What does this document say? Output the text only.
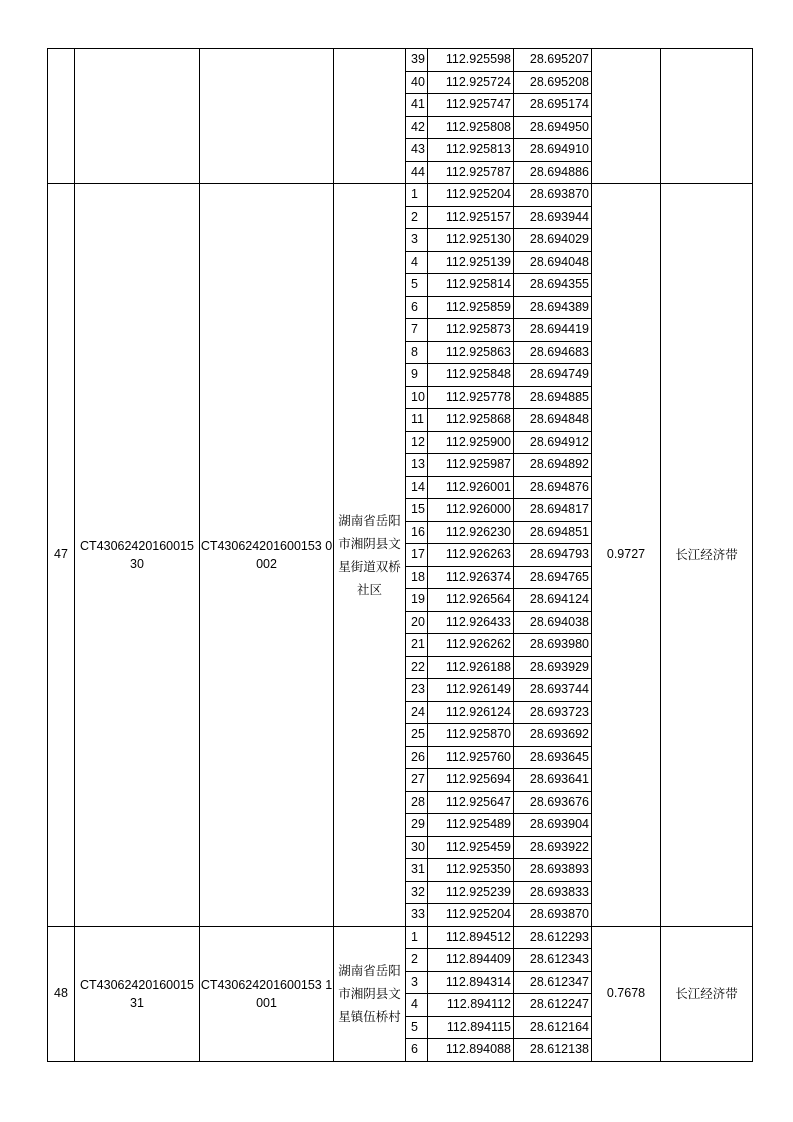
				39	112.925598	28.695207		
				40	112.925724	28.695208		
				41	112.925747	28.695174		
				42	112.925808	28.694950		
				43	112.925813	28.694910		
				44	112.925787	28.694886		
47	CT43062420160015 30	CT430624201600153 0002	湖南省岳阳市湘阴县文星街道双桥社区	1	112.925204	28.693870	0.9727	长江经济带
				2	112.925157	28.693944		
				3	112.925130	28.694029		
				4	112.925139	28.694048		
				5	112.925814	28.694355		
				6	112.925859	28.694389		
				7	112.925873	28.694419		
				8	112.925863	28.694683		
				9	112.925848	28.694749		
				10	112.925778	28.694885		
				11	112.925868	28.694848		
				12	112.925900	28.694912		
				13	112.925987	28.694892		
				14	112.926001	28.694876		
				15	112.926000	28.694817		
				16	112.926230	28.694851		
				17	112.926263	28.694793		
				18	112.926374	28.694765		
				19	112.926564	28.694124		
				20	112.926433	28.694038		
				21	112.926262	28.693980		
				22	112.926188	28.693929		
				23	112.926149	28.693744		
				24	112.926124	28.693723		
				25	112.925870	28.693692		
				26	112.925760	28.693645		
				27	112.925694	28.693641		
				28	112.925647	28.693676		
				29	112.925489	28.693904		
				30	112.925459	28.693922		
				31	112.925350	28.693893		
				32	112.925239	28.693833		
				33	112.925204	28.693870		
48	CT43062420160015 31	CT430624201600153 1001	湖南省岳阳市湘阴县文星镇伍桥村	1	112.894512	28.612293	0.7678	长江经济带
				2	112.894409	28.612343		
				3	112.894314	28.612347		
				4	112.894112	28.612247		
				5	112.894115	28.612164		
				6	112.894088	28.612138		
